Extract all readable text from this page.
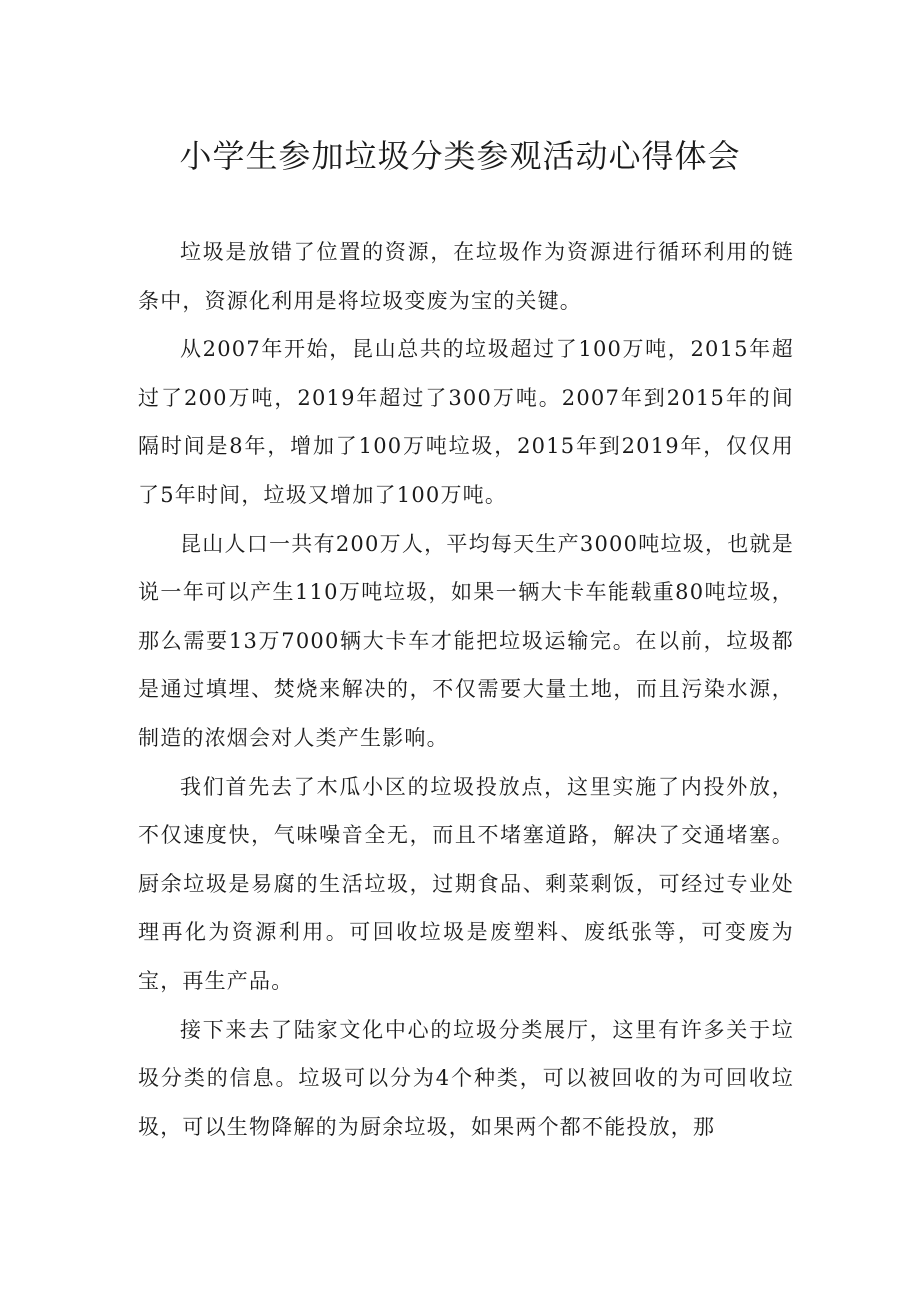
小学生参加垃圾分类参观活动心得体会

垃圾是放错了位置的资源，在垃圾作为资源进行循环利用的链条中，资源化利用是将垃圾变废为宝的关键。

从2007年开始，昆山总共的垃圾超过了100万吨，2015年超过了200万吨，2019年超过了300万吨。2007年到2015年的间隔时间是8年，增加了100万吨垃圾，2015年到2019年，仅仅用了5年时间，垃圾又增加了100万吨。

昆山人口一共有200万人，平均每天生产3000吨垃圾，也就是说一年可以产生110万吨垃圾，如果一辆大卡车能载重80吨垃圾，那么需要13万7000辆大卡车才能把垃圾运输完。在以前，垃圾都是通过填埋、焚烧来解决的，不仅需要大量土地，而且污染水源，制造的浓烟会对人类产生影响。

我们首先去了木瓜小区的垃圾投放点，这里实施了内投外放，不仅速度快，气味噪音全无，而且不堵塞道路，解决了交通堵塞。厨余垃圾是易腐的生活垃圾，过期食品、剩菜剩饭，可经过专业处理再化为资源利用。可回收垃圾是废塑料、废纸张等，可变废为宝，再生产品。

接下来去了陆家文化中心的垃圾分类展厅，这里有许多关于垃圾分类的信息。垃圾可以分为4个种类，可以被回收的为可回收垃圾，可以生物降解的为厨余垃圾，如果两个都不能投放，那
